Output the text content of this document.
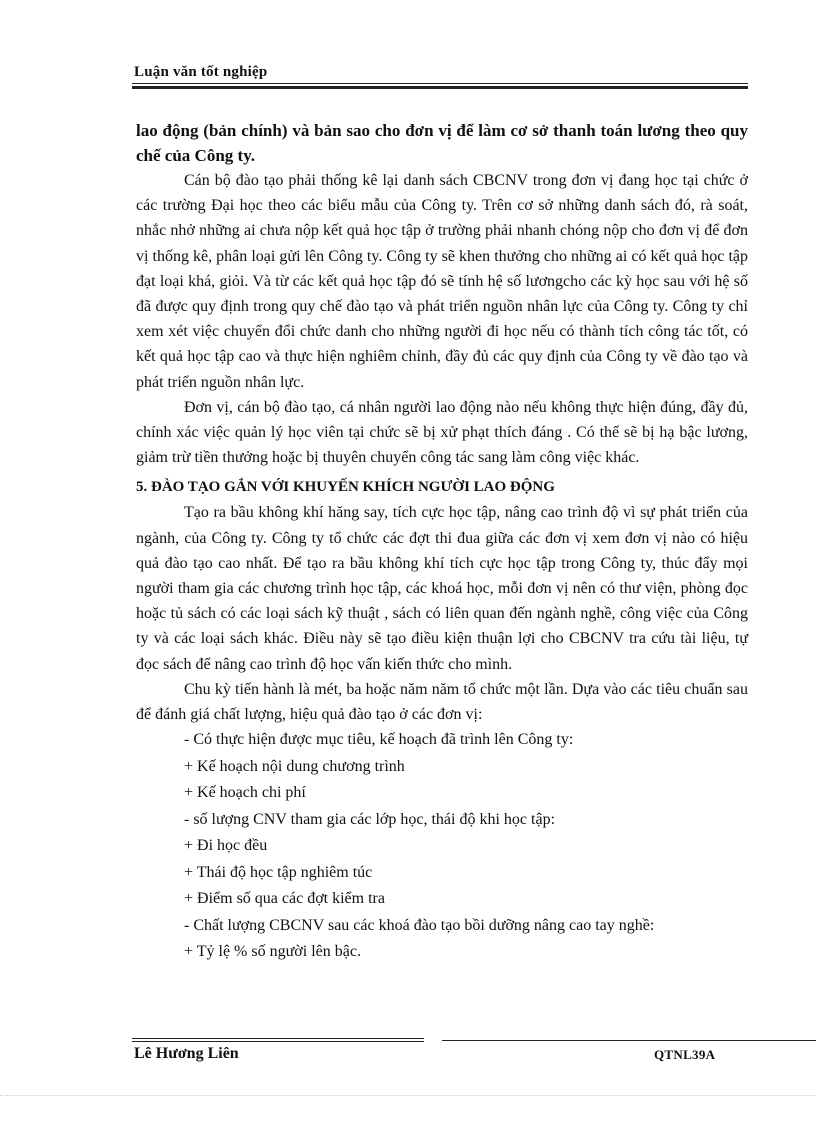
Luận văn tốt nghiệp

lao động (bản chính) và bản sao cho đơn vị để làm cơ sở thanh toán lương theo quy chế của Công ty.

Cán bộ đào tạo phải thống kê lại danh sách CBCNV trong đơn vị đang học tại chức ở các trường Đại học theo các biểu mẫu của Công ty. Trên cơ sở những danh sách đó, rà soát, nhắc nhở những ai chưa nộp kết quả học tập ở trường phải nhanh chóng nộp cho đơn vị để đơn vị thống kê, phân loại gửi lên Công ty. Công ty sẽ khen thưởng cho những ai có kết quả học tập đạt loại khá, giỏi. Và từ các kết quả học tập đó sẽ tính hệ số lươngcho các kỳ học sau với hệ số đã được quy định trong quy chế đào tạo và phát triển nguồn nhân lực của Công ty. Công ty chỉ xem xét việc chuyển đổi chức danh cho những người đi học nếu có thành tích công tác tốt, có kết quả học tập cao và thực hiện nghiêm chỉnh, đầy đủ các quy định của Công ty về đào tạo và phát triển nguồn nhân lực.

Đơn vị, cán bộ đào tạo, cá nhân người lao động nào nếu không thực hiện đúng, đầy đủ, chính xác việc quản lý học viên tại chức sẽ bị xử phạt thích đáng . Có thể sẽ bị hạ bậc lương, giảm trừ tiền thưởng hoặc bị thuyên chuyển công tác sang làm công việc khác.

5. ĐÀO TẠO GẮN VỚI KHUYẾN KHÍCH NGƯỜI LAO ĐỘNG

Tạo ra bầu không khí hăng say, tích cực học tập, nâng cao trình độ vì sự phát triển của ngành, của Công ty. Công ty tổ chức các đợt thi đua giữa các đơn vị xem đơn vị nào có hiệu quả đào tạo cao nhất. Để tạo ra bầu không khí tích cực học tập trong Công ty, thúc đẩy mọi người tham gia các chương trình học tập, các khoá học, mỗi đơn vị nên có thư viện, phòng đọc hoặc tủ sách có các loại sách kỹ thuật , sách có liên quan đến ngành nghề, công việc của Công ty và các loại sách khác. Điều này sẽ tạo điều kiện thuận lợi cho CBCNV tra cứu tài liệu, tự đọc sách để nâng cao trình độ học vấn kiến thức cho mình.

Chu kỳ tiến hành là mét, ba hoặc năm năm tổ chức một lần. Dựa vào các tiêu chuẩn sau để đánh giá chất lượng, hiệu quả đào tạo ở các đơn vị:

- Có thực hiện được mục tiêu, kế hoạch đã trình lên Công ty:

+ Kế hoạch nội dung chương trình

+ Kế hoạch chi phí

- số lượng CNV tham gia các lớp học, thái độ khi học tập:

+ Đi học đều

+ Thái độ học tập nghiêm túc

+ Điểm số qua các đợt kiểm tra

- Chất lượng CBCNV sau các khoá đào tạo bồi dưỡng nâng cao tay nghề:

+ Tỷ lệ % số người lên bậc.

Lê Hương Liên	QTNL39A
